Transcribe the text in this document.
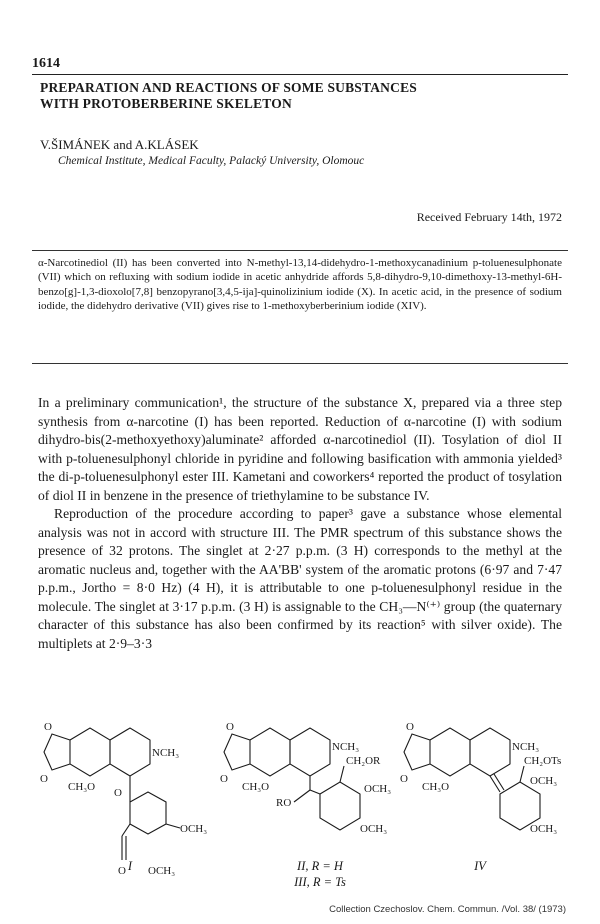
1614
PREPARATION AND REACTIONS OF SOME SUBSTANCES
WITH PROTOBERBERINE SKELETON
V.ŠIMÁNEK and A.KLÁSEK
Chemical Institute, Medical Faculty, Palacký University, Olomouc
Received February 14th, 1972
α-Narcotinediol (II) has been converted into N-methyl-13,14-didehydro-1-methoxycanadinium p-toluenesulphonate (VII) which on refluxing with sodium iodide in acetic anhydride affords 5,8-dihydro-9,10-dimethoxy-13-methyl-6H-benzo[g]-1,3-dioxolo[7,8] benzopyrano[3,4,5-ija]-quinolizinium iodide (X). In acetic acid, in the presence of sodium iodide, the didehydro derivative (VII) gives rise to 1-methoxyberberinium iodide (XIV).

In a preliminary communication¹, the structure of the substance X, prepared via a three step synthesis from α-narcotine (I) has been reported. Reduction of α-narcotine (I) with sodium dihydro-bis(2-methoxyethoxy)aluminate² afforded α-narcotinediol (II). Tosylation of diol II with p-toluenesulphonyl chloride in pyridine and following basification with ammonia yielded³ the di-p-toluenesulphonyl ester III. Kametani and coworkers⁴ reported the product of tosylation of diol II in benzene in the presence of triethylamine to be substance IV.

Reproduction of the procedure according to paper³ gave a substance whose elemental analysis was not in accord with structure III. The PMR spectrum of this substance shows the presence of 32 protons. The singlet at 2·27 p.p.m. (3 H) corresponds to the methyl at the aromatic nucleus and, together with the AA'BB' system of the aromatic protons (6·97 and 7·47 p.p.m., Jortho = 8·0 Hz) (4 H), it is attributable to one p-toluenesulphonyl residue in the molecule. The singlet at 3·17 p.p.m. (3 H) is assignable to the CH₃—N⁽⁺⁾ group (the quaternary character of this substance has also been confirmed by its reaction⁵ with silver oxide). The multiplets at 2·9–3·3

O
O
NCH₃
CH₃O O
OCH₃
O OCH₃
O
O
NCH₃
CH₂OR
CH₃O
RO
OCH₃
OCH₃
O
O
NCH₃
CH₂OTs
CH₃O	OCH₃
OCH₃
I	II, R = H
III, R = Ts
IV
Collection Czechoslov. Chem. Commun. /Vol. 38/ (1973)
